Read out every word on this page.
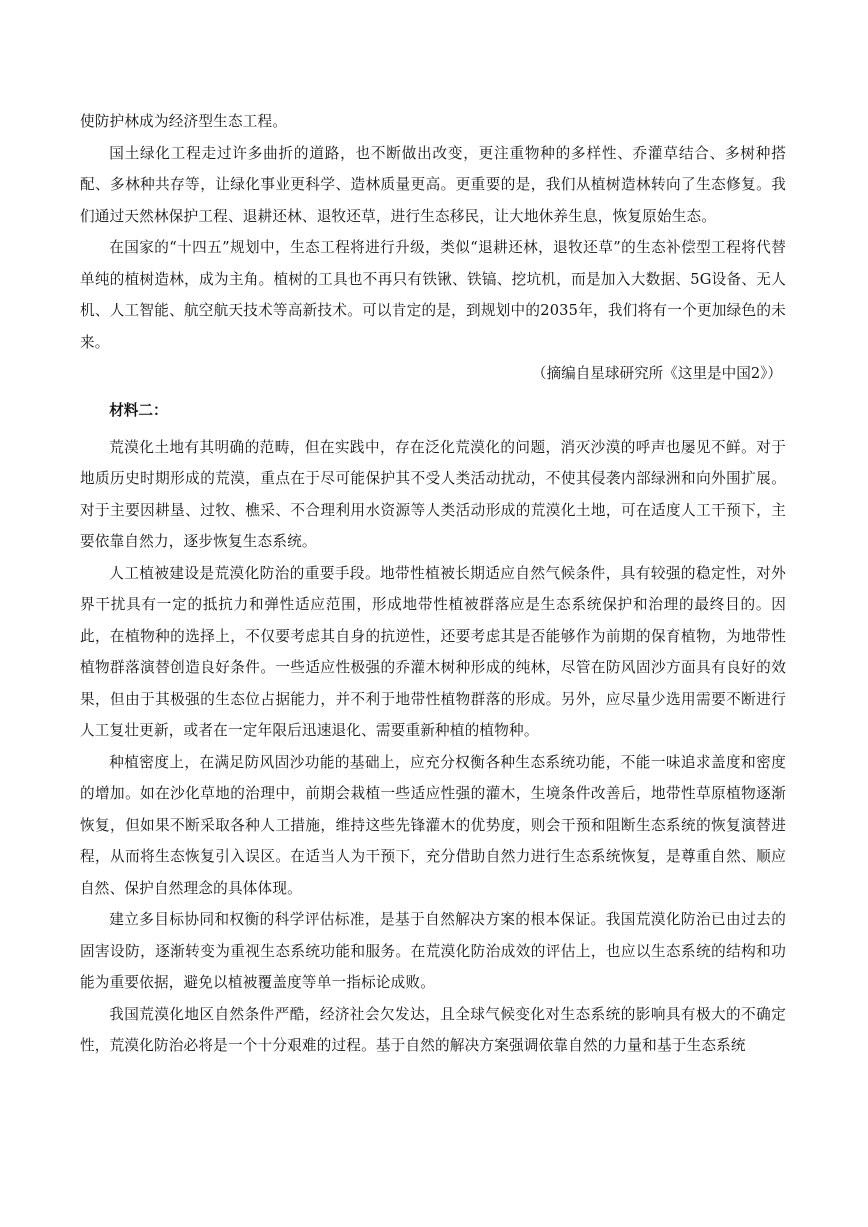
使防护林成为经济型生态工程。

国土绿化工程走过许多曲折的道路，也不断做出改变，更注重物种的多样性、乔灌草结合、多树种搭配、多林种共存等，让绿化事业更科学、造林质量更高。更重要的是，我们从植树造林转向了生态修复。我们通过天然林保护工程、退耕还林、退牧还草，进行生态移民，让大地休养生息，恢复原始生态。

在国家的“十四五”规划中，生态工程将进行升级，类似“退耕还林，退牧还草”的生态补偿型工程将代替单纯的植树造林，成为主角。植树的工具也不再只有铁锹、铁镐、挖坑机，而是加入大数据、5G设备、无人机、人工智能、航空航天技术等高新技术。可以肯定的是，到规划中的2035年，我们将有一个更加绿色的未来。

（摘编自星球研究所《这里是中国2》）

材料二：

荒漠化土地有其明确的范畴，但在实践中，存在泛化荒漠化的问题，消灭沙漠的呼声也屡见不鲜。对于地质历史时期形成的荒漠，重点在于尽可能保护其不受人类活动扰动，不使其侵袭内部绿洲和向外围扩展。对于主要因耕垦、过牧、樵采、不合理利用水资源等人类活动形成的荒漠化土地，可在适度人工干预下，主要依靠自然力，逐步恢复生态系统。

人工植被建设是荒漠化防治的重要手段。地带性植被长期适应自然气候条件，具有较强的稳定性，对外界干扰具有一定的抵抗力和弹性适应范围，形成地带性植被群落应是生态系统保护和治理的最终目的。因此，在植物种的选择上，不仅要考虑其自身的抗逆性，还要考虑其是否能够作为前期的保育植物，为地带性植物群落演替创造良好条件。一些适应性极强的乔灌木树种形成的纯林，尽管在防风固沙方面具有良好的效果，但由于其极强的生态位占据能力，并不利于地带性植物群落的形成。另外，应尽量少选用需要不断进行人工复壮更新，或者在一定年限后迅速退化、需要重新种植的植物种。

种植密度上，在满足防风固沙功能的基础上，应充分权衡各种生态系统功能，不能一味追求盖度和密度的增加。如在沙化草地的治理中，前期会栽植一些适应性强的灌木，生境条件改善后，地带性草原植物逐渐恢复，但如果不断采取各种人工措施，维持这些先锋灌木的优势度，则会干预和阻断生态系统的恢复演替进程，从而将生态恢复引入误区。在适当人为干预下，充分借助自然力进行生态系统恢复，是尊重自然、顺应自然、保护自然理念的具体体现。

建立多目标协同和权衡的科学评估标准，是基于自然解决方案的根本保证。我国荒漠化防治已由过去的固害设防，逐渐转变为重视生态系统功能和服务。在荒漠化防治成效的评估上，也应以生态系统的结构和功能为重要依据，避免以植被覆盖度等单一指标论成败。

我国荒漠化地区自然条件严酷，经济社会欠发达，且全球气候变化对生态系统的影响具有极大的不确定性，荒漠化防治必将是一个十分艰难的过程。基于自然的解决方案强调依靠自然的力量和基于生态系统
